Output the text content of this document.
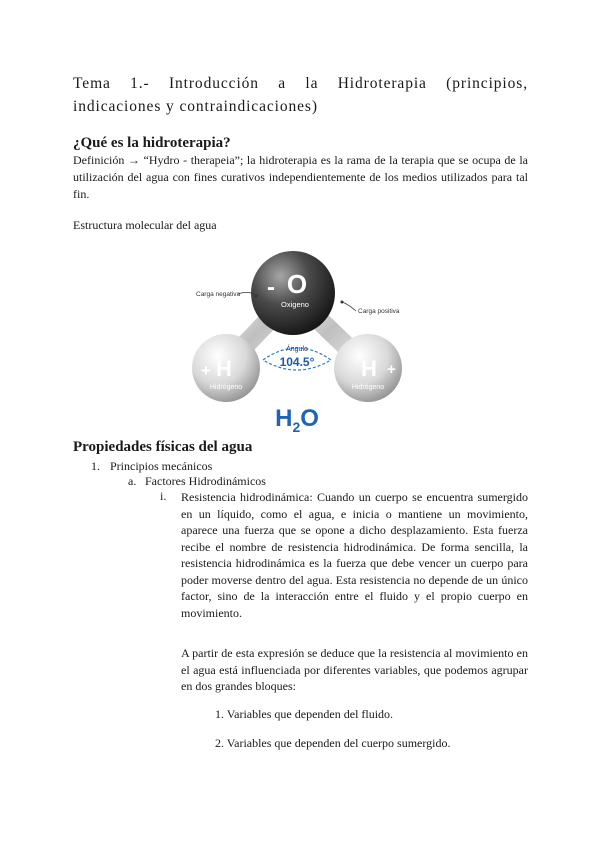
Tema 1.- Introducción a la Hidroterapia (principios, indicaciones y contraindicaciones)
¿Qué es la hidroterapia?

Definición → “Hydro - therapeia”; la hidroterapia es la rama de la terapia que se ocupa de la utilización del agua con fines curativos independientemente de los medios utilizados para tal fin.

Estructura molecular del agua

- O
Oxigeno
+ H
Hidrógeno
H +
Hidrógeno
Carga negativa
Carga positiva
Ángulo
104.5°
$H_2O$
Propiedades físicas del agua

1. Principios mecánicos

a. Factores Hidrodinámicos

i. Resistencia hidrodinámica: Cuando un cuerpo se encuentra sumergido en un líquido, como el agua, e inicia o mantiene un movimiento, aparece una fuerza que se opone a dicho desplazamiento. Esta fuerza recibe el nombre de resistencia hidrodinámica. De forma sencilla, la resistencia hidrodinámica es la fuerza que debe vencer un cuerpo para poder moverse dentro del agua. Esta resistencia no depende de un único factor, sino de la interacción entre el fluido y el propio cuerpo en movimiento.

A partir de esta expresión se deduce que la resistencia al movimiento en el agua está influenciada por diferentes variables, que podemos agrupar en dos grandes bloques:

1. Variables que dependen del fluido.

2. Variables que dependen del cuerpo sumergido.
